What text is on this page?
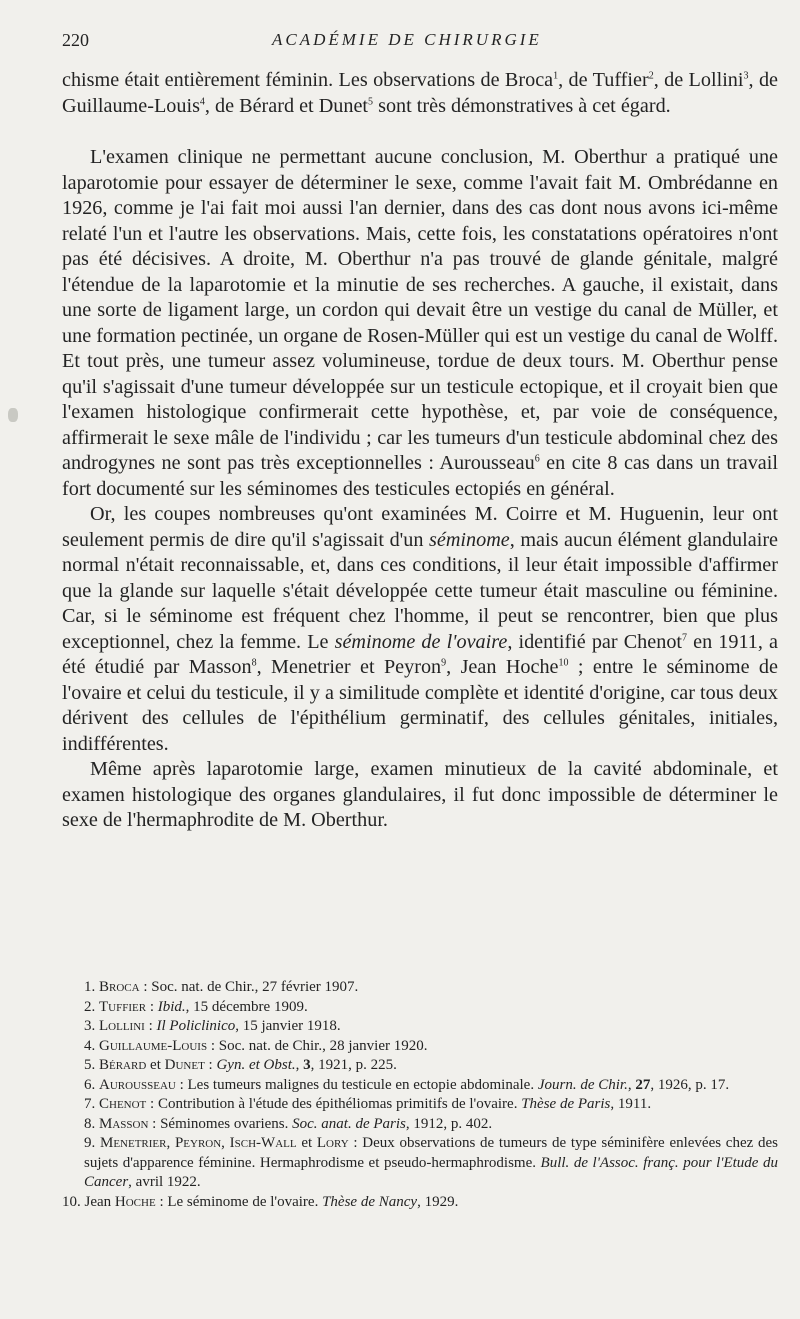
220	ACADÉMIE DE CHIRURGIE

chisme était entièrement féminin. Les observations de Broca$^1$, de Tuffier$^2$, de Lollini$^3$, de Guillaume-Louis$^4$, de Bérard et Dunet$^5$ sont très démonstratives à cet égard.

L'examen clinique ne permettant aucune conclusion, M. Oberthur a pratiqué une laparotomie pour essayer de déterminer le sexe, comme l'avait fait M. Ombrédanne en 1926, comme je l'ai fait moi aussi l'an dernier, dans des cas dont nous avons ici-même relaté l'un et l'autre les observations. Mais, cette fois, les constatations opératoires n'ont pas été décisives. A droite, M. Oberthur n'a pas trouvé de glande génitale, malgré l'étendue de la laparotomie et la minutie de ses recherches. A gauche, il existait, dans une sorte de ligament large, un cordon qui devait être un vestige du canal de Müller, et une formation pectinée, un organe de Rosen-Müller qui est un vestige du canal de Wolff. Et tout près, une tumeur assez volumineuse, tordue de deux tours. M. Oberthur pense qu'il s'agissait d'une tumeur développée sur un testicule ectopique, et il croyait bien que l'examen histologique confirmerait cette hypothèse, et, par voie de conséquence, affirmerait le sexe mâle de l'individu ; car les tumeurs d'un testicule abdominal chez des androgynes ne sont pas très exceptionnelles : Aurousseau$^6$ en cite 8 cas dans un travail fort documenté sur les séminomes des testicules ectopiés en général.

Or, les coupes nombreuses qu'ont examinées M. Coirre et M. Huguenin, leur ont seulement permis de dire qu'il s'agissait d'un séminome, mais aucun élément glandulaire normal n'était reconnaissable, et, dans ces conditions, il leur était impossible d'affirmer que la glande sur laquelle s'était développée cette tumeur était masculine ou féminine. Car, si le séminome est fréquent chez l'homme, il peut se rencontrer, bien que plus exceptionnel, chez la femme. Le séminome de l'ovaire, identifié par Chenot$^7$ en 1911, a été étudié par Masson$^8$, Menetrier et Peyron$^9$, Jean Hoche$^{10}$ ; entre le séminome de l'ovaire et celui du testicule, il y a similitude complète et identité d'origine, car tous deux dérivent des cellules de l'épithélium germinatif, des cellules génitales, initiales, indifférentes.

Même après laparotomie large, examen minutieux de la cavité abdominale, et examen histologique des organes glandulaires, il fut donc impossible de déterminer le sexe de l'hermaphrodite de M. Oberthur.

1. Broca : Soc. nat. de Chir., 27 février 1907.

2. Tuffier : Ibid., 15 décembre 1909.

3. Lollini : Il Policlinico, 15 janvier 1918.

4. Guillaume-Louis : Soc. nat. de Chir., 28 janvier 1920.

5. Bérard et Dunet : Gyn. et Obst., 3, 1921, p. 225.

6. Aurousseau : Les tumeurs malignes du testicule en ectopie abdominale. Journ. de Chir., 27, 1926, p. 17.

7. Chenot : Contribution à l'étude des épithéliomas primitifs de l'ovaire. Thèse de Paris, 1911.

8. Masson : Séminomes ovariens. Soc. anat. de Paris, 1912, p. 402.

9. Menetrier, Peyron, Isch-Wall et Lory : Deux observations de tumeurs de type séminifère enlevées chez des sujets d'apparence féminine. Hermaphrodisme et pseudo-hermaphrodisme. Bull. de l'Assoc. franç. pour l'Etude du Cancer, avril 1922.

10. Jean Hoche : Le séminome de l'ovaire. Thèse de Nancy, 1929.
